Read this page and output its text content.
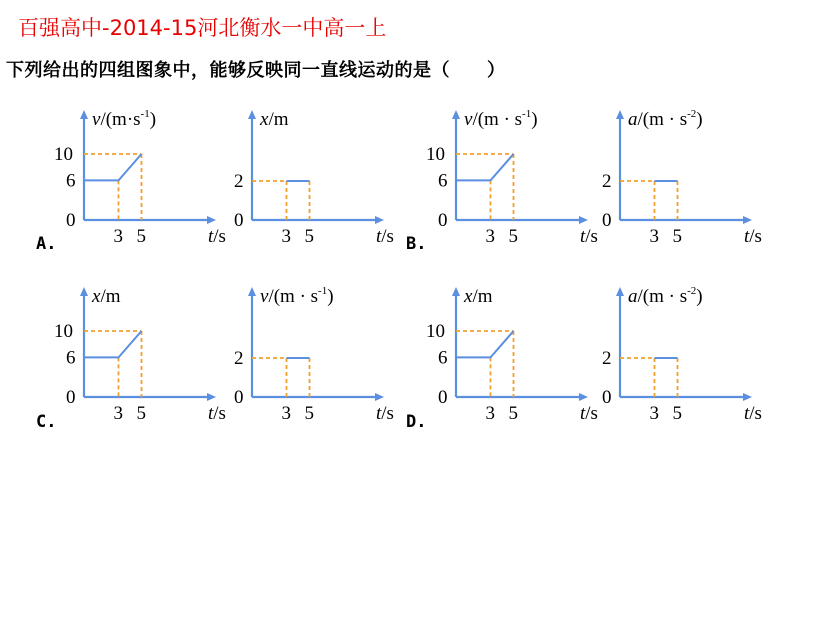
百强高中-2014-15河北衡水一中高一上
下列给出的四组图象中，能够反映同一直线运动的是（　　）
A.	B.
C.	D.
$v/(m\cdot s^{-1})$
t/s
0
3 5
10
6
x/m
t/s
0
3 5
2
$v/(m \cdot s^{-1})$
t/s
0
3 5
10
6
$a/(m \cdot s^{-2})$
t/s
0
3 5
2
x/m
t/s
0
3 5
10
6
$v/(m \cdot s^{-1})$
t/s
0
3 5
2
x/m
t/s
0
3 5
10
6
$a/(m \cdot s^{-2})$
t/s
0
3 5
2
